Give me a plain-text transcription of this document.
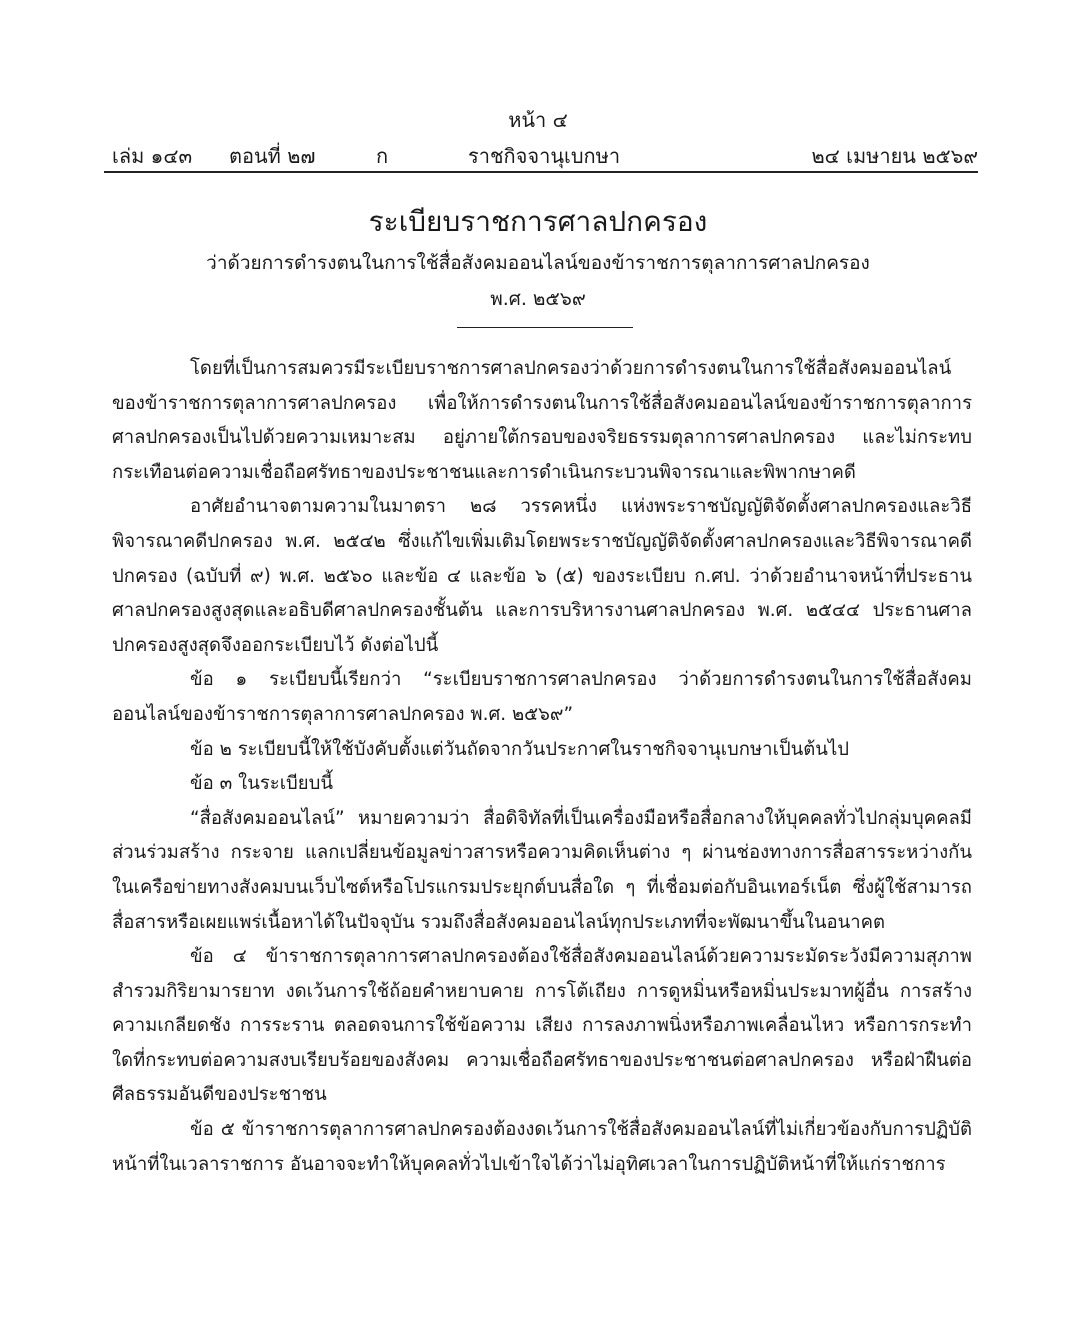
หน้า ๔
เล่ม ๑๔๓ ตอนที่ ๒๗	ก	ราชกิจจานุเบกษา	๒๔ เมษายน ๒๕๖๙
ระเบียบราชการศาลปกครอง
ว่าด้วยการดำรงตนในการใช้สื่อสังคมออนไลน์ของข้าราชการตุลาการศาลปกครอง
พ.ศ. ๒๕๖๙

โดยที่เป็นการสมควรมีระเบียบราชการศาลปกครองว่าด้วยการดำรงตนในการใช้สื่อสังคมออนไลน์ของข้าราชการตุลาการศาลปกครอง เพื่อให้การดำรงตนในการใช้สื่อสังคมออนไลน์ของข้าราชการตุลาการศาลปกครองเป็นไปด้วยความเหมาะสม อยู่ภายใต้กรอบของจริยธรรมตุลาการศาลปกครอง และไม่กระทบกระเทือนต่อความเชื่อถือศรัทธาของประชาชนและการดำเนินกระบวนพิจารณาและพิพากษาคดี

อาศัยอำนาจตามความในมาตรา ๒๘ วรรคหนึ่ง แห่งพระราชบัญญัติจัดตั้งศาลปกครองและวิธีพิจารณาคดีปกครอง พ.ศ. ๒๕๔๒ ซึ่งแก้ไขเพิ่มเติมโดยพระราชบัญญัติจัดตั้งศาลปกครองและวิธีพิจารณาคดีปกครอง (ฉบับที่ ๙) พ.ศ. ๒๕๖๐ และข้อ ๔ และข้อ ๖ (๕) ของระเบียบ ก.ศป. ว่าด้วยอำนาจหน้าที่ประธานศาลปกครองสูงสุดและอธิบดีศาลปกครองชั้นต้น และการบริหารงานศาลปกครอง พ.ศ. ๒๕๔๔ ประธานศาลปกครองสูงสุดจึงออกระเบียบไว้ ดังต่อไปนี้

ข้อ ๑ ระเบียบนี้เรียกว่า “ระเบียบราชการศาลปกครอง ว่าด้วยการดำรงตนในการใช้สื่อสังคมออนไลน์ของข้าราชการตุลาการศาลปกครอง พ.ศ. ๒๕๖๙”

ข้อ ๒ ระเบียบนี้ให้ใช้บังคับตั้งแต่วันถัดจากวันประกาศในราชกิจจานุเบกษาเป็นต้นไป

ข้อ ๓ ในระเบียบนี้

“สื่อสังคมออนไลน์” หมายความว่า สื่อดิจิทัลที่เป็นเครื่องมือหรือสื่อกลางให้บุคคลทั่วไปกลุ่มบุคคลมีส่วนร่วมสร้าง กระจาย แลกเปลี่ยนข้อมูลข่าวสารหรือความคิดเห็นต่าง ๆ ผ่านช่องทางการสื่อสารระหว่างกันในเครือข่ายทางสังคมบนเว็บไซต์หรือโปรแกรมประยุกต์บนสื่อใด ๆ ที่เชื่อมต่อกับอินเทอร์เน็ต ซึ่งผู้ใช้สามารถสื่อสารหรือเผยแพร่เนื้อหาได้ในปัจจุบัน รวมถึงสื่อสังคมออนไลน์ทุกประเภทที่จะพัฒนาขึ้นในอนาคต

ข้อ ๔ ข้าราชการตุลาการศาลปกครองต้องใช้สื่อสังคมออนไลน์ด้วยความระมัดระวังมีความสุภาพ สำรวมกิริยามารยาท งดเว้นการใช้ถ้อยคำหยาบคาย การโต้เถียง การดูหมิ่นหรือหมิ่นประมาทผู้อื่น การสร้างความเกลียดชัง การระราน ตลอดจนการใช้ข้อความ เสียง การลงภาพนิ่งหรือภาพเคลื่อนไหว หรือการกระทำใดที่กระทบต่อความสงบเรียบร้อยของสังคม ความเชื่อถือศรัทธาของประชาชนต่อศาลปกครอง หรือฝ่าฝืนต่อศีลธรรมอันดีของประชาชน

ข้อ ๕ ข้าราชการตุลาการศาลปกครองต้องงดเว้นการใช้สื่อสังคมออนไลน์ที่ไม่เกี่ยวข้องกับการปฏิบัติหน้าที่ในเวลาราชการ อันอาจจะทำให้บุคคลทั่วไปเข้าใจได้ว่าไม่อุทิศเวลาในการปฏิบัติหน้าที่ให้แก่ราชการ
